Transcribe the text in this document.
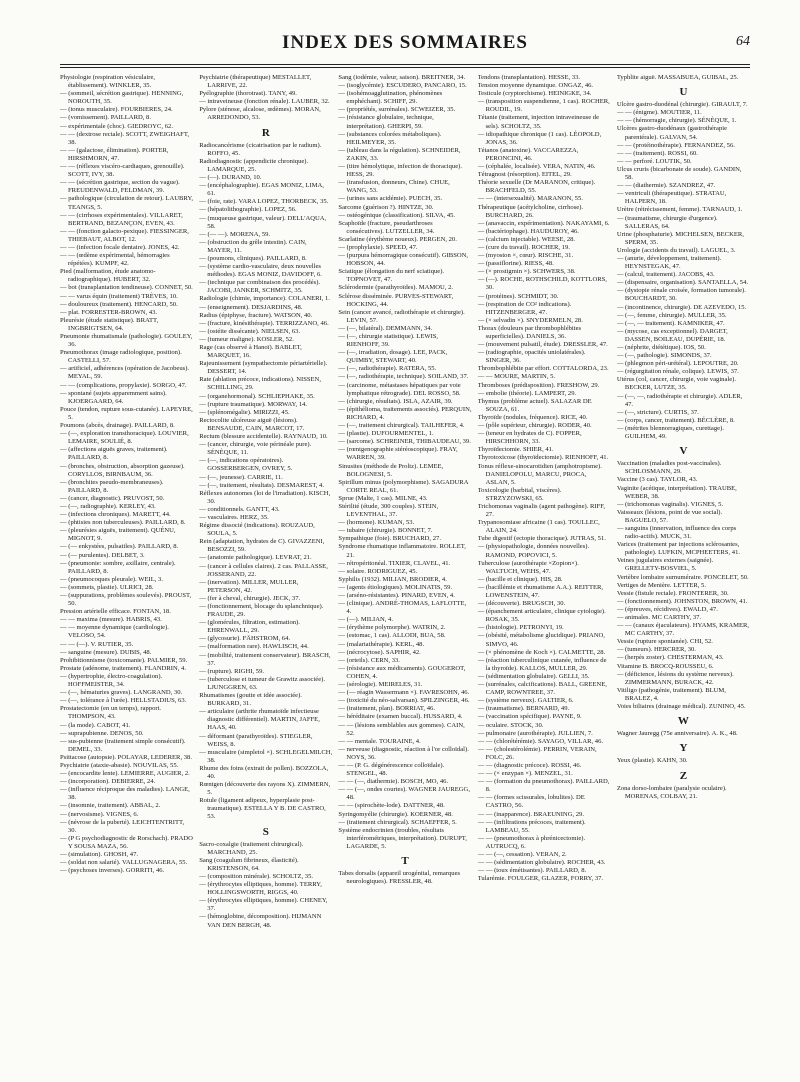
INDEX DES SOMMAIRES	64

Physiologie (respiration vésiculaire, établissement). WINKLER, 35.

— (sommeil, sécrétion gastrique). HENNING, NOROUTH, 35.

— (tonus musculaire). FOURBIERES, 24.

— (vomissement). PAILLARD, 8.

— expérimentale (choc). GIEDROYC, 62.

— — (dextrose rectale). SCOTT, ZWEIGHAFT, 38.

— — (galactose, élimination). PORTER, HIRSHMORN, 47.

— — (réflexes viscéro-cardiaques, grenouille). SCOTT, IVY, 38.

— — (sécrétion gastrique, section du vague). FREUDENWALD, FELDMAN, 39.

— pathologique (circulation de retour). LAUBRY, TEANGS, 5.

— — (cirrhoses expérimentales). VILLARET, BERTRAND, BEZANÇON, EVEN, 43.

— — (fonction galacto-pexique). FIESSINGER, THIEBAUT, ALBOT, 12.

— — (infection focale dentaire). JONES, 42.

— — (œdème expérimental, hémorragies répétées). KUMPF, 42.

Pied (malformation, étude anatomo-radiographique). HUBERT, 32.

— bot (transplantation tendineuse). CONNET, 50.

— — varus équin (traitement) TRÈVES, 10.

— douloureux (traitement). HENCARD, 50.

— plat. FORRESTER-BROWN, 43.

Pleurésie (étude statistique). BRATT, INGBRIGTSEN, 64.

Pneumonie rhumatismale (pathologie). GOULEY, 36.

Pneumothorax (image radiologique, position). CASTELLI, 57.

— artificiel, adhérences (opération de Jacobeus). MEYAL, 59.

— — (complications, propylaxie). SORGO, 47.

— spontané (sujets apparemment sains). KJOERGAARD, 64.

Pouce (tendon, rupture sous-cutanée). LAPEYRE, 5.

Poumons (abcès, drainage). PAILLARD, 8.

— (—, exploration transthoracique). LOUVIER, LEMAIRE, SOULIÉ, 8.

— (affections aiguës graves, traitement). PAILLARD, 8.

— (bronches, obstruction, absorption gazeuse). CORYLLOS, BIRNBAUM, 36.

— (bronchites pseudo-membraneuses). PAILLARD, 8.

— (cancer, diagnostic). PRUVOST, 50.

— (—, radiographie). KERLEY, 43.

— (infections chroniques). MARETT, 44.

— (phtisies non tuberculeuses). PAILLARD, 8.

— (pleurésies aiguës, traitement). QUÉNU, MIGNOT, 9.

— (— enkystées, pulsatiles). PAILLARD, 8.

— (— purulentes). DELBET, 3.

— (pneumonie: sombre, axillaire, centrale). PAILLARD, 8.

— (pneumocoques pleurale). WEIL, 3.

— (sommets, plastie). ULRICI, 28.

— (suppurations, problèmes soulevés). PROUST, 50.

Pression artérielle efficace. FONTAN, 18.

— — maxima (mesure). HABRIS, 43.

— — moyenne dynamique (cardiologie). VELOSO, 54.

— — (—). V. RUTIER, 35.

— sanguine (mesure). DUBIS, 48.

Prohibitionnisme (toxicomanie). PALMIER, 59.

Prostate (adénome, traitement). FLANDRIN, 4.

— (hypertrophie, électro-coagulation). HOFFMEISTER, 34.

— (—, hématuries graves). LANGRAND, 30.

— (—, tolérance à l'urée). HELLSTADIUS, 63.

Prostatectomie (en un temps), rapport. THOMPSON, 43.

— (la mode). CABOT, 41.

— suprapubienne. DENOS, 50.

— sus-pubienne (traitement simple consécutif). DEMEL, 33.

Psittacose (autopsie). POLAYAR, LEDERER, 38.

Psychiatrie (ataxie-abasie). NOUVILAS, 55.

— (encocardite lente). LEMIERRE, AUGIER, 2.

— (incorporation). DEBIERRE, 24.

— (influence réciproque des maladies). LANGE, 38.

— (insomnie, traitement). ABBAL, 2.

— (nervosisme). VIGNES, 6.

— (névrose de la puberté). LEICHTENTRITT, 30.

— (P G psychodiagnostic de Rorschach). PRADO Y SOUSA MAZA, 56.

— (simulation). GHOSH, 47.

— (soldat non salarié). VALLUGNAGERA, 55.

— (psychoses inverses). GORRITI, 46.

Psychiatrie (thérapeutique) MESTALLET, LARRIVE, 22.

Pyélographie (thorotrast). TANY, 49.

— intraveineuse (fonction rénale). LAUBER, 32.

Pylore (sténose, alcalose, œdèmes). MORAN, ARREDONDO, 53.

R

Radiocancérisme (cicatrisation par le radium). ROFFO, 45.

Radiodiagnostic (appendicite chronique). LAMARQUE, 25.

— (—). DURAND, 10.

— (encéphalographie). EGAS MONIZ, LIMA, 61.

— (foie, rate). VARA LOPEZ, THORBECK, 35.

— (hépatolithographie). LOPEZ, 56.

— (muqueuse gastrique, valeur). DELL'AQUA, 58.

— (— —). MORENA, 59.

— (obstruction du grêle intestin). CAIN, MAYER, 11.

— (poumons, cliniques). PAILLARD, 8.

— (système cardio-vasculaire, deux nouvelles méthodes). EGAS MONIZ, DAVIDOFF, 6.

— (technique par combinaison des procédés). JACOBI, JANKER, SCHMITZ, 35.

Radiologie (chimie, importance). COLANERI, 1.

— (enseignement). DESJARDINS, 48.

Radius (épiphyse, fracture). WATSON, 40.

— (fracture, kinésithérapie). TERRIZZANO, 46.

— (ostéite dissécante). NIELSEN, 63.

— (tumeur maligne). KOSLER, 52.

Rage (cas observé à Hanoï). BABLET, MARQUET, 16.

Rajeunissement (sympathectomie périartérielle). DESSERT, 14.

Rate (ablation précoce, indications). NISSEN, SCHILLING, 29.

— (organehormonal). SCHLIEPHAKE, 35.

— (rupture traumatique). MORWAY, 14.

— (splénomégalie). MIRIZZI, 45.

Rectocolite ulcéreuse aiguë (lésions). BENSAUDE, CAIN, MARCOT, 17.

Rectum (blessure accidentelle). RAYNAUD, 10.

— (cancer, chirurgie, voie périnéale pure). SÉNÈQUE, 11.

— (—, indications opératoires). GOSSERBERGEN, OVREY, 5.

— (—, jeunesse). CARRIE, 11.

— (—, traitement, résultats). DESMAREST, 4.

Réflexes autonomes (loi de l'irradiation). KISCH, 30.

— conditionnels. GANTT, 43.

— vasculaires. HERZ, 35.

Régime dissocié (indications). ROUZAUD, SOULA, 5.

Rein (adaptation, hydrates de C). GIVAZZENI, BESOZZI, 59.

— (anatomie pathologique). LEVRAT, 21.

— (cancer à cellules claires). 2 cas. PALLASSE, JOSSERAND, 22.

— (inervation). MILLER, MULLER, PETERSON, 42.

— (fer à cheval, chirurgie). JECK, 37.

— (fonctionnement, blocage du splanchnique). FRAUDE, 29.

— (glomérules, filtration, estimation). EHRENWALL, 29.

— (glycosurie). FÄHSTROM, 64.

— (malformation rare). HAWLISCH, 44.

— (mobilité, traitement conservateur). BRASCH, 37.

— (rupture). RIGHI, 59.

— (tuberculose et tumeur de Grawitz associée). LJUNGGREN, 63.

Rhumatismes (goutte et idée associée). BURKARD, 31.

— articulaire (arthrite rhumatoïde infectieuse diagnostic différentiel). MARTIN, JAFFE, HAAS, 40.

— déformant (parathyroïdes). STIEGLER, WEISS, 8.

— musculaire (simpletol ×). SCHLEGELMILCH, 38.

Rhume des foins (extrait de pollen). BOZZOLA, 40.

Rœntgen (découverte des rayons X). ZIMMERN, 5.

Rotule (ligament adipeux, hyperplasie post-traumatique). ESTELLA Y B. DE CASTRO, 53.

S

Sacro-coxalgie (traitement chirurgical). MARCHAND, 25.

Sang (coagulum fibrineux, élasticité). KRISTENSON, 64.

— (composition minérale). SCHOLTZ, 35.

— (érythrocytes elliptiques, homme). TERRY, HOLLINGSWORTH, RIGGS, 40.

— (érythrocytes elliptiques, homme). CHENEY, 37.

— (hémoglobine, décomposition). HIJMANN VAN DEN BERGH, 48.

Sang (iodémie, valeur, saison). BREITNER, 34.

— (isoglycémie). ESCUDERO, PANCARO, 15.

— (isohémoagglutination, phénomènes emphéchant). SCHIFF, 29.

— (propriétés, surrénales). SCWEIZER, 35.

— (résistance globulaire, technique, interprétation). GHERPI, 59.

— (substances colorées métaboliques). HEILMEYER, 35.

— (tableau dans la régulation). SCHNEIDER, ZAKIN, 33.

— (titre hémolytique, infection de thoracique). HESS, 29.

— (transfusion, donneurs, Chine). CHUE, WANG, 53.

— (urines sans acidémie). PUECH, 35.

Sarcome (guérison ?). HINTZE, 30.

— ostéogénique (classification). SILVA, 45.

Scaphoïde (fracture, pseudarthroses consécutives). LUTZELLER, 34.

Scarlatine (érythème noueux). PERGEN, 20.

— (prophylaxie). SPEED, 47.

— (purpura hémorragique consécutif). GIBSON, HOBSON, 44.

Sciatique (élongation du nerf sciatique). TOPNOVET, 47.

Sclérodermie (parathyroïdes). MAMOU, 2.

Sclérose disséminée. PURVES-STEWART, HOCKING, 44.

Sein (cancer avancé, radiothérapie et chirurgie). LEVIN, 57.

— (—, bilatéral). DEMMANN, 34.

— (—, chirurgie statistique). LEWIS, RIENHOFF, 39.

— (—, irradiation, dosage). LEE, PACK, QUIMBY, STEWART, 40.

— (—, radiothérapie). RATERA, 55.

— (—, radiothérapie, technique). SOILAND, 37.

— (carcinome, métastases hépatiques par voie lymphatique rétrograde). DEL ROSSO, 58.

— (chirurgie, résultats). ISLA, AZAIR, 39.

— (épithélioma, traitements associés). PERQUIN, RICHARD, 4.

— (—, traitement chirurgical). TAILHEFER, 4.

— (plastie). DUFOURMENTEL, 1.

— (sarcome). SCHREINER, THIBAUDEAU, 39.

— (rœntgenographie stéréoscopique). FRAY, WARREN, 39.

Sinusites (méthode de Proltz). LEMEE, BOLOGNESI, 5.

Spirillum minus (polymorphisme). SAGADURA CORTE REAL, 61.

Sprue (Malte, 1 cas). MILNE, 43.

Stérilité (étude, 300 couples). STEIN, LEVENTHAL, 37.

— (hormone). KUMAN, 53.

— tubaire (chirurgie). BONNET, 7.

Sympathique (foie). BRUCHARD, 27.

Syndrome rhumatique inflammatoire. ROLLET, 21.

— rétropéritonéal. TIXIER, CLAVEL, 41.

— solaire. RODRIGUEZ, 45.

Syphilis (1932). MILIAN, BRODIER, 4.

— (agents étiologiques). MOLINATIS, 59.

— (arséno-résistantes). PINARD, EVEN, 4.

— (clinique). ANDRÉ-THOMAS, LAFLOTTE, 4.

— (—). MILIAN, 4.

— (érythème polymorphe). WATRIN, 2.

— (estomac, 1 cas). ALLODI, BUA, 58.

— (malariathérapie). KERL, 48.

— (nécrocytose). SAPHIR, 42.

— (orteils). CERN, 33.

— (résistance aux médicaments). GOUGEROT, COHEN, 4.

— (sérologie). MEIRELES, 31.

— (— réagin Wassermann ×). FAVRESOHN, 46.

— (toxicité du néo-salvarsan). SPILZINGER, 46.

— (traitement, plan). BORRIAT, 46.

— héréditaire (examen buccal). HUSSARD, 4.

— — (lésions semblables aux gommes). CAIN, 52.

— — mentale. TOURAINE, 4.

— nerveuse (diagnostic, réaction à l'or colloïdal). NOYS, 36.

— — (P. G. dégénérescence colloïdale). STENGEL, 48.

— — (—, diathermie). BOSCH, MO, 46.

— — (—, ondes courtes). WAGNER JAUREGG, 48.

— — (spirochète-lode). DATTNER, 48.

Syringomyélie (chirurgie). KOERNER, 48.

— (traitement chirurgical). SCHAEFFER, 5.

Système endocrinien (troubles, résultats interférométriques, interprétation). DURUPT, LAGARDE, 5.

T

Tabes dorsalis (appareil urogénital, remarques neurologiques). FRESSLER, 48.

Tendons (transplantation). HESSE, 33.

Tension moyenne dynamique. ONGAZ, 46.

Testicule (cryptorchisme). HEINIGKE, 34.

— (transposition suspendienne, 1 cas). ROCHER, ROUDIL, 19.

Tétanie (traitement, injection intraveineuse de sels). SCHOLTZ, 35.

— idiopathique chronique (1 cas). LÉOPOLD, JONAS, 36.

Tétanos (anatoxine). VACCAREZZA, PERONCINI, 46.

— (céphalée, localisée). VERA, NATIN, 46.

Tétragnost (résorption). EITEL, 29.

Théorie sexuelle (Dr MARANON, critique). BRACHFELD, 55.

— — (intersexualité). MARANON, 55.

Thérapeutique (acétylcholine, cirrhose). BURCHARD, 26.

— (anavaccin, expérimentation). NAKAYAMI, 6.

— (bactériophage). HAUDUROY, 46.

— (calcium injectable). WEESE, 28.

— (cure du travail). ROCHER, 19.

— (myoston ×, cœur). RISCHE, 31.

— (passiflorine). RIESS, 48.

— (× prostigmin ×). SCHWERS, 38.

— (—). ROCHE, ROTHSCHILD, KOTTLORS, 30.

— (protéines). SCHMIDT, 30.

— (respiration de CO² indications). HITZENBERGER, 47.

— (× selvadin ×). SNYDERMELN, 28.

Thorax (douleurs par thrombophlébites superficielles). DANIELS, 36.

— (mouvement pulsatil, étude). DRESSLER, 47.

— (radiographie, opacités uniolatérales). SINGER, 36.

Thrombophlébite par effort. COTTALORDA, 23.

— — MOURE, MARTIN, 5.

Thromboses (prédisposition). FRESHOW, 29.

— embolie (théorie). LAMPERT, 29.

Thymus (problème actuel). SALAZAR DE SOUZA, 61.

Thyroïde (nodules, fréquence). RICE, 40.

— (pôle supérieur, chirurgie). RODER, 40.

— (teneur en hydrates de C). FOPPER, HIRSCHHORN, 33.

Thyroïdectomie. SHIER, 41.

Thyrotoxicose (thyroïdectomie). RIENHOFF, 41.

Tonus réflexe-sinocarotidien (amphotropisme). DANIELOPOLU, MARCU, PROCA, ASLAN, 5.

Toxicologie (barbital, viscères). STRZYZOWSKI, 65.

Trichomonas vaginalis (agent pathogène). RIFF, 27.

Trypanosomiase africaine (1 cas). TOULLEC, ALAIN, 24.

Tube digestif (ectopie thoracique). JUTRAS, 51.

— (physiopathologie, données nouvelles). RAMOND, POPOVICI, 5.

Tuberculose (aurothérapie ×Zopion×). WALTUCH, WEHS, 47.

— (bacille et clinique). HIS, 28.

— (bacillémie et rhumatisme A.A.). REITTER, LOWENSTEIN, 47.

— (découverte). BRUGSCH, 30.

— (épanchement articulaire, clinique cytologie). ROSAK, 35.

— (histologie). PETRONYI, 19.

— (obésité, métabolisme glucidique). PRIANO, SIMVO, 46.

— (× phénomène de Koch ×). CALMETTE, 28.

— (réaction tuberculinique cutanée, influence de la thyroïde). KALLOS, MULLER, 29.

— (sédimentation globulaire). GELLI, 35.

— (surrénales, calcifications). BALL, GREENE, CAMP, ROWNTREE, 37.

— (système nerveux). GALTIER, 6.

— (traumatisme). BERNARD, 49.

— (vaccination spécifique). PAYNE, 9.

— oculaire. STOCK, 30.

— pulmonaire (aurothérapie). JULLIEN, 7.

— — (chlorétérémie). SAYAGO, VILLAR, 46.

— — (cholestérolémie). PERRIN, VERAIN, FOLC, 26.

— — (diagnostic précoce). ROSSI, 46.

— — (× enzypan ×). MENZEL, 31.

— — (formation du pneumothorax). PAILLARD, 8.

— — (formes scissurales, lobulites). DE CASTRO, 56.

— — (inapparence). BRAEUNING, 29.

— — (infiltrations précoces, traitement). LAMBEAU, 55.

— — (pneumothorax à phrénicectomie). AUTRUCQ, 6.

— — (—, cessation). VERAN, 2.

— — (sédimentation globulaire). ROCHER, 43.

— — (toux émétisantes). PAILLARD, 8.

Tularémie. FOULGER, GLAZER, FORRY, 37.

Typhlite aiguë. MASSABUEA, GUIBAL, 25.

U

Ulcère gastro-duodénal (chirurgie). GIRAULT, 7.

— — (énigme). MOUTIER, 11.

— — (hémorragie, chirurgie). SÉNÈQUE, 1.

Ulcères gastro-duodénaux (gastrothérapie parentérale). GALVAN, 54.

— — (protéinothérapie). FERNANDEZ, 56.

— — (traitement). ROSSI, 60.

— — perforé. LOUTIK, 50.

Ulcus cruris (bicarbonate de soude). GANDIN, 58.

— — (diathermie). SZANDREZ, 47.

— ventriculi (thérapeutique). STRATAU, HALPERN, 18.

Urètre (rétrécissement, femme). TARNAUD, 1.

— (traumatisme, chirurgie d'urgence). SALLERAS, 64.

Urine (phosphaturie). MICHELSEN, BECKER, SPERM, 35.

Urologie (accidents du travail). LAGUEL, 3.

— (anurie, développement, traitement). HEYNSTEGAK, 47.

— (calcul, traitement). JACOBS, 43.

— (dispensaire, organisation). SANTAELLA, 54.

— (dystopie rénale croisée, formation tumorale). BOUCHARDT, 30.

— (incontinence, chirurgie). DE AZEVEDO, 15.

— (—, femme, chirurgie). MULLER, 35.

— (—, — traitement). KAMNIKER, 47.

— (mycose, cas exceptionnel). DARGET, DASSEN, BOILEAU, DUPÉRIE, 18.

— (néphrite, diététique). IOS, 50.

— (—, pathologie). SIMONDS, 37.

— (phlegmon péri-urétéral). LEPOUTRE, 20.

— (régurgitation rénale, colique). LEWIS, 37.

Utérus (col, cancer, chirurgie, voie vaginale). BECKER, LUTZE, 35.

— (—, —, radiothérapie et chirurgie). ADLER, 47.

— (—, stricture). CURTIS, 37.

— (corps, cancer, traitement). BÉCLÈRE, 8.

— (métrites blennorragiques, curettage). GUILHEM, 49.

V

Vaccination (maladies post-vaccinales). SCHLOSMANN, 29.

Vaccine (3 cas). TAYLOR, 43.

Vaginite (acétique, interprétation). TRAUBE, WEBER, 38.

— (trichomonas vaginalis). VIGNES, 5.

Vaisseaux (lésions, point de vue social). BAGUELO, 57.

— sanguins (innervation, influence des corps radio-actifs). MUCK, 31.

Varices (traitement par injections sclérosantes, pathologie). LUFKIN, MCPHEETERS, 41.

Veines jugulaires externes (saignée). GRELLETY-BOSVIEL, 5.

Vertèbre lombaire surnuméraire. PONCELET, 50.

Vertiges de Menière. LETTER, 5.

Vessie (fistule rectale). FRONTERER, 30.

— (fonctionnement). JOHNSTON, BROWN, 41.

— (épreuves, récidives). EWALD, 47.

— animales. MC CARTHY, 37.

— — (canaux éjaculateurs). HYAMS, KRAMER, MC CARTHY, 37.

Vessie (rupture spontanée). CHI, 52.

— (tumeurs). HERCRER, 30.

— (herpès zoster). CHESTERMAN, 43.

Vitamine B. BROCQ-ROUSSEU, 6.

— (déficience, lésions du système nerveux). ZIMMERMANN, BURACK, 42.

Vitiligo (pathogénie, traitement). BLUM, BRALEZ, 4.

Voies biliaires (drainage médical). ZUNINO, 45.

W

Wagner Jauregg (75e anniversaire). A. K., 48.

Y

Yeux (plastie). KAHN, 30.

Z

Zona dorso-lombaire (paralysie oculaire). MORENAS, COLBAY, 21.
